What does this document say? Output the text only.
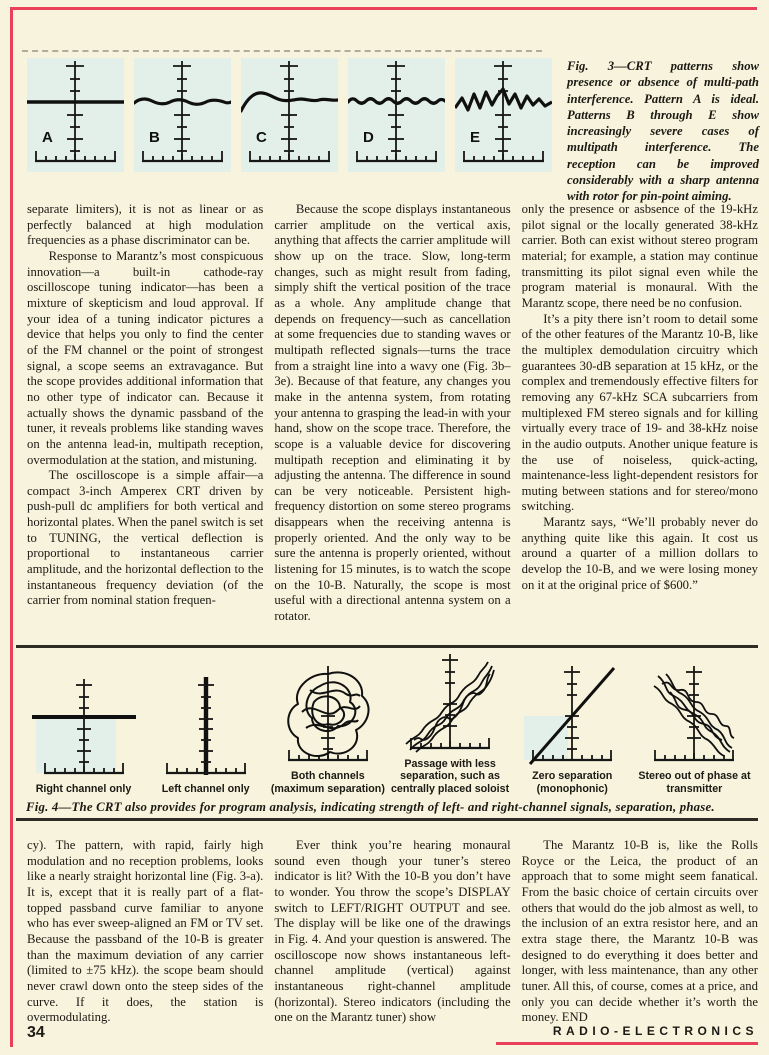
A	B	C	D	E
Fig. 3—CRT patterns show presence or absence of multi-path interference. Pattern A is ideal. Patterns B through E show increasingly severe cases of multipath interference. The reception can be improved considerably with a sharp antenna with rotor for pin-point aiming.

separate limiters), it is not as linear or as perfectly balanced at high modulation frequencies as a phase discriminator can be.

Response to Marantz’s most conspicuous innovation—a built-in cathode-ray oscilloscope tuning indicator—has been a mixture of skepticism and loud approval. If your idea of a tuning indicator pictures a device that helps you only to find the center of the FM channel or the point of strongest signal, a scope seems an extravagance. But the scope provides additional information that no other type of indicator can. Because it actually shows the dynamic passband of the tuner, it reveals problems like standing waves on the antenna lead-in, multipath reception, overmodulation at the station, and mistuning.

The oscilloscope is a simple affair—a compact 3-inch Amperex CRT driven by push-pull dc amplifiers for both vertical and horizontal plates. When the panel switch is set to TUNING, the vertical deflection is proportional to instantaneous carrier amplitude, and the horizontal deflection to the instantaneous frequency deviation (of the carrier from nominal station frequen-

Because the scope displays instantaneous carrier amplitude on the vertical axis, anything that affects the carrier amplitude will show up on the trace. Slow, long-term changes, such as might result from fading, simply shift the vertical position of the trace as a whole. Any amplitude change that depends on frequency—such as cancellation at some frequencies due to standing waves or multipath reflected signals—turns the trace from a straight line into a wavy one (Fig. 3b–3e). Because of that feature, any changes you make in the antenna system, from rotating your antenna to grasping the lead-in with your hand, show on the scope trace. Therefore, the scope is a valuable device for discovering multipath reception and eliminating it by adjusting the antenna. The difference in sound can be very noticeable. Persistent high-frequency distortion on some stereo programs disappears when the receiving antenna is properly oriented. And the only way to be sure the antenna is properly oriented, without listening for 15 minutes, is to watch the scope on the 10-B. Naturally, the scope is most useful with a directional antenna system on a rotator.

only the presence or asbsence of the 19-kHz pilot signal or the locally generated 38-kHz carrier. Both can exist without stereo program material; for example, a station may continue transmitting its pilot signal even while the program material is monaural. With the Marantz scope, there need be no confusion.

It’s a pity there isn’t room to detail some of the other features of the Marantz 10-B, like the multiplex demodulation circuitry which guarantees 30-dB separation at 15 kHz, or the complex and tremendously effective filters for removing any 67-kHz SCA subcarriers from multiplexed FM stereo signals and for killing virtually every trace of 19- and 38-kHz noise in the audio outputs. Another unique feature is the use of noiseless, quick-acting, maintenance-less light-dependent resistors for muting between stations and for stereo/mono switching.

Marantz says, “We’ll probably never do anything quite like this again. It cost us around a quarter of a million dollars to develop the 10-B, and we were losing money on it at the original price of $600.”

Right channel only	Left channel only
Both channels (maximum separation)
Passage with less separation, such as centrally placed soloist
Zero separation (monophonic)
Stereo out of phase at transmitter
Fig. 4—The CRT also provides for program analysis, indicating strength of left- and right-channel signals, separation, phase.

cy). The pattern, with rapid, fairly high modulation and no reception problems, looks like a nearly straight horizontal line (Fig. 3-a). It is, except that it is really part of a flat-topped passband curve familiar to anyone who has ever sweep-aligned an FM or TV set. Because the passband of the 10-B is greater than the maximum deviation of any carrier (limited to ±75 kHz). the scope beam should never crawl down onto the steep sides of the curve. If it does, the station is overmodulating.

Ever think you’re hearing monaural sound even though your tuner’s stereo indicator is lit? With the 10-B you don’t have to wonder. You throw the scope’s DISPLAY switch to LEFT/RIGHT OUTPUT and see. The display will be like one of the drawings in Fig. 4. And your question is answered. The oscilloscope now shows instantaneous left-channel amplitude (vertical) against instantaneous right-channel amplitude (horizontal). Stereo indicators (including the one on the Marantz tuner) show

The Marantz 10-B is, like the Rolls Royce or the Leica, the product of an approach that to some might seem fanatical. From the basic choice of certain circuits over others that would do the job almost as well, to the inclusion of an extra resistor here, and an extra stage there, the Marantz 10-B was designed to do everything it does better and longer, with less maintenance, than any other tuner. All this, of course, comes at a price, and only you can decide whether it’s worth the money. END

34	RADIO-ELECTRONICS
